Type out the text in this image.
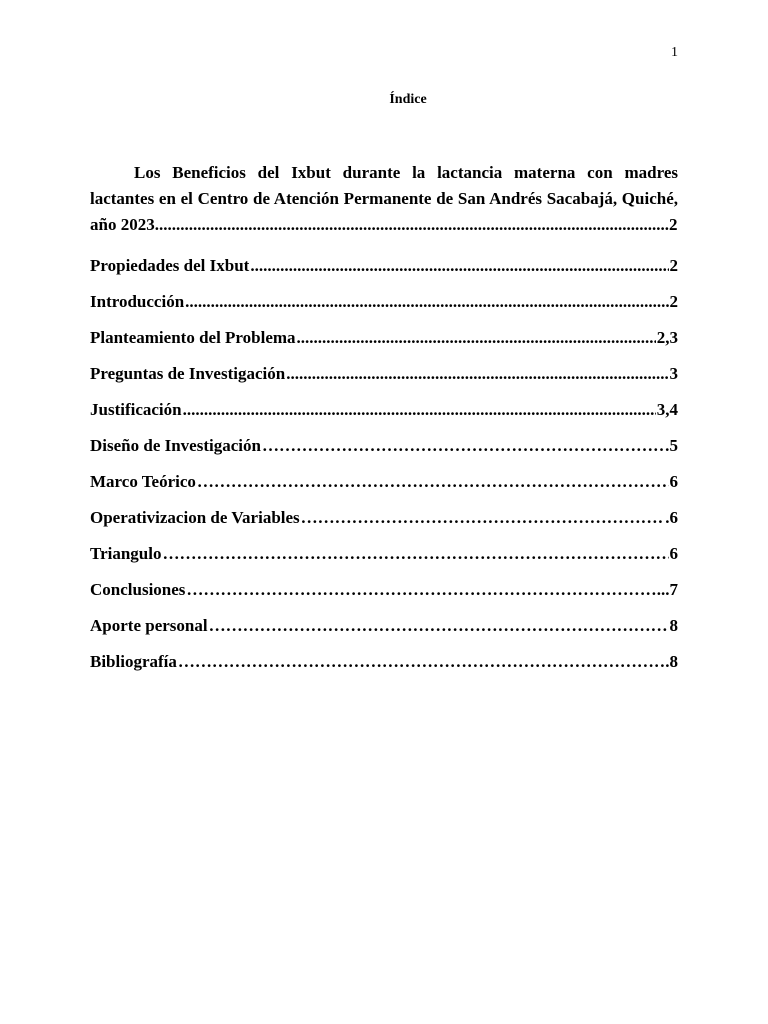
1
Índice
Los Beneficios del Ixbut durante la lactancia materna con madres lactantes en el Centro de Atención Permanente de San Andrés Sacabajá, Quiché, año 2023.........................................................................................................................2
Propiedades del Ixbut .....	2
Introducción .....	2
Planteamiento del Problema .....	2,3
Preguntas de Investigación .....	3
Justificación .....	3,4
Diseño de Investigación ……………………………………………………………………………………………………………………………………………………	5
Marco Teórico ……………………………………………………………………………………………………………………………………………………	6
Operativizacion de Variables ……………………………………………………………………………………………………………………………………………………	.6
Triangulo ……………………………………………………………………………………………………………………………………………………	6
Conclusiones ……………………………………………………………………………………………………………………………………………………	...7
Aporte personal ……………………………………………………………………………………………………………………………………………………	8
Bibliografía ……………………………………………………………………………………………………………………………………………………	.8
